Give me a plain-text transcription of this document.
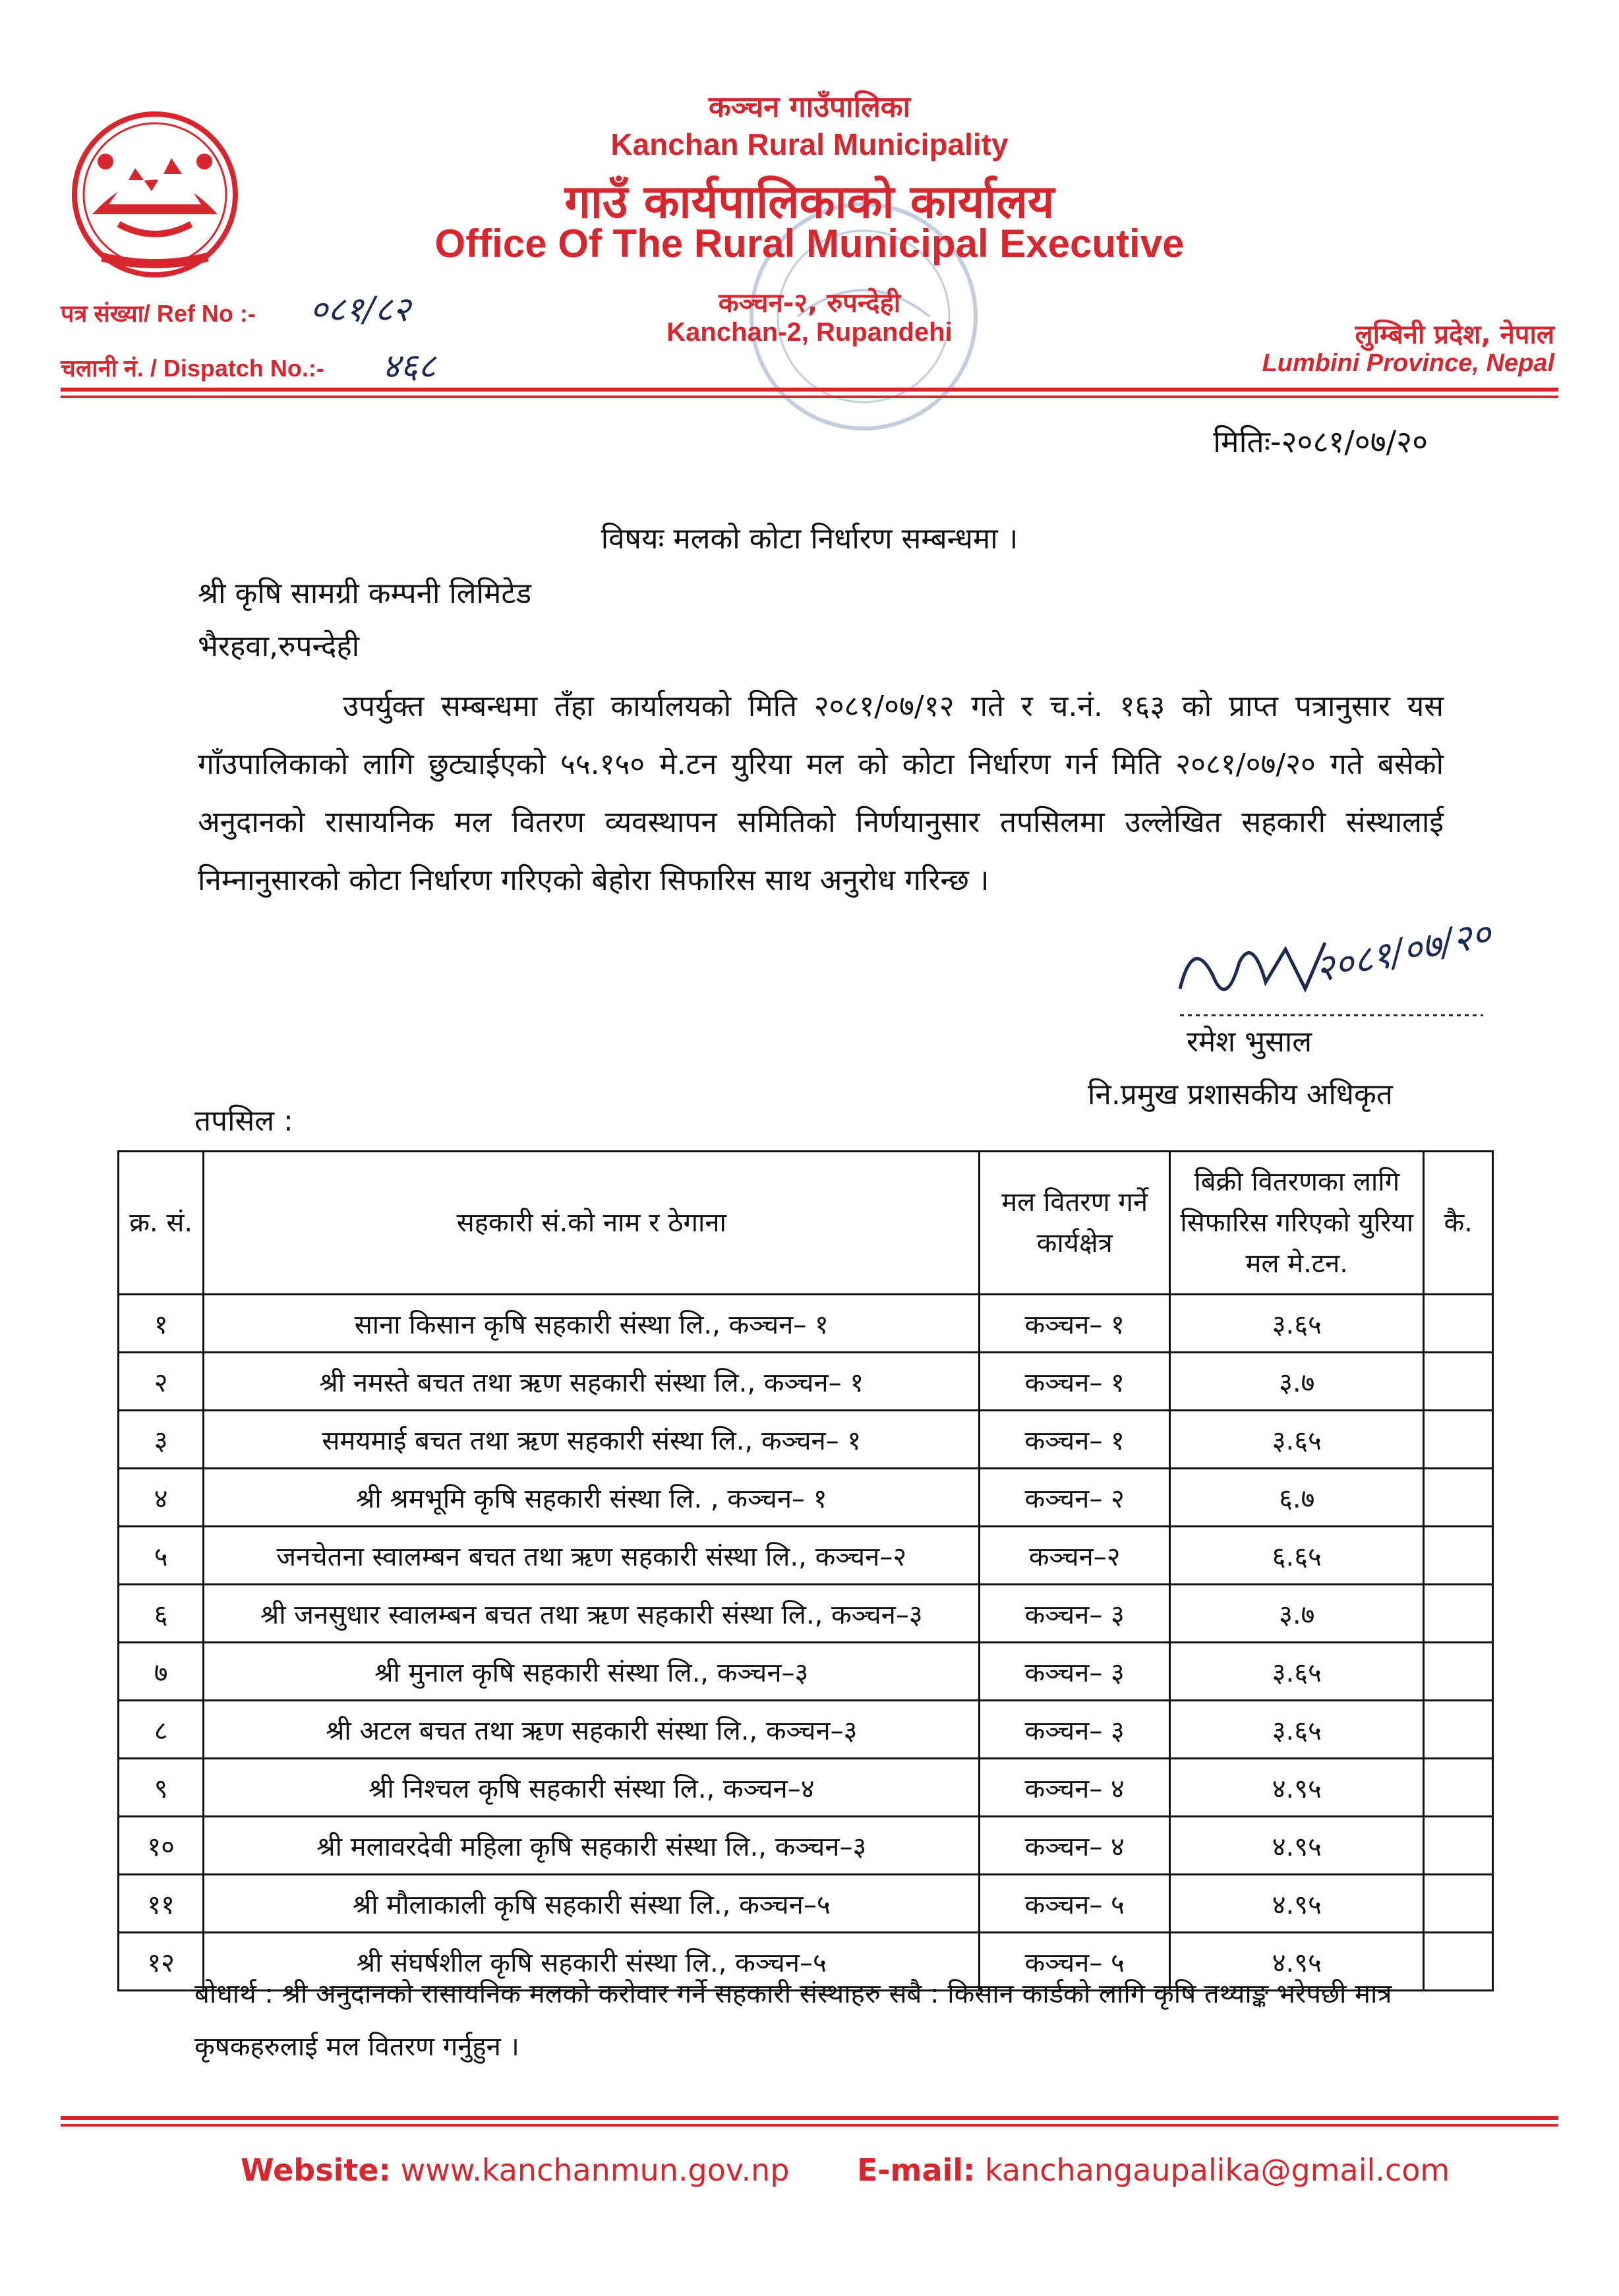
कञ्चन गाउँपालिका
Kanchan Rural Municipality
गाउँ कार्यपालिकाको कार्यालय
Office Of The Rural Municipal Executive
कञ्चन-२, रुपन्देही
Kanchan-2, Rupandehi
पत्र संख्या/ Ref No :- ०८१/८२
चलानी नं. / Dispatch No.:- ४६८
लुम्बिनी प्रदेश, नेपाल
Lumbini Province, Nepal
मितिः-२०८१/०७/२०
विषयः मलको कोटा निर्धारण सम्बन्धमा ।
श्री कृषि सामग्री कम्पनी लिमिटेड
भैरहवा,रुपन्देही
उपर्युक्त सम्बन्धमा तँहा कार्यालयको मिति २०८१/०७/१२ गते र च.नं. १६३ को प्राप्त पत्रानुसार यस गाँउपालिकाको लागि छुट्याईएको ५५.१५० मे.टन युरिया मल को कोटा निर्धारण गर्न मिति २०८१/०७/२० गते बसेको अनुदानको रासायनिक मल वितरण व्यवस्थापन समितिको निर्णयानुसार तपसिलमा उल्लेखित सहकारी संस्थालाई निम्नानुसारको कोटा निर्धारण गरिएको बेहोरा सिफारिस साथ अनुरोध गरिन्छ ।
२०८१/०७/२०
रमेश भुसाल
नि.प्रमुख प्रशासकीय अधिकृत
तपसिल :
क्र. सं.	सहकारी सं.को नाम र ठेगाना	मल वितरण गर्ने कार्यक्षेत्र	बिक्री वितरणका लागि सिफारिस गरिएको युरिया मल मे.टन.	कै.
१	साना किसान कृषि सहकारी संस्था लि., कञ्चन– १	कञ्चन– १	३.६५	
२	श्री नमस्ते बचत तथा ऋण सहकारी संस्था लि., कञ्चन– १	कञ्चन– १	३.७	
३	समयमाई बचत तथा ऋण सहकारी संस्था लि., कञ्चन– १	कञ्चन– १	३.६५	
४	श्री श्रमभूमि कृषि सहकारी संस्था लि. , कञ्चन– १	कञ्चन– २	६.७	
५	जनचेतना स्वालम्बन बचत तथा ऋण सहकारी संस्था लि., कञ्चन–२	कञ्चन–२	६.६५	
६	श्री जनसुधार स्वालम्बन बचत तथा ऋण सहकारी संस्था लि., कञ्चन–३	कञ्चन– ३	३.७	
७	श्री मुनाल कृषि सहकारी संस्था लि., कञ्चन–३	कञ्चन– ३	३.६५	
८	श्री अटल बचत तथा ऋण सहकारी संस्था लि., कञ्चन–३	कञ्चन– ३	३.६५	
९	श्री निश्चल कृषि सहकारी संस्था लि., कञ्चन–४	कञ्चन– ४	४.९५	
१०	श्री मलावरदेवी महिला कृषि सहकारी संस्था लि., कञ्चन–३	कञ्चन– ४	४.९५	
११	श्री मौलाकाली कृषि सहकारी संस्था लि., कञ्चन–५	कञ्चन– ५	४.९५	
१२	श्री संघर्षशील कृषि सहकारी संस्था लि., कञ्चन–५	कञ्चन– ५	४.९५	
बोधार्थ : श्री अनुदानको रासायनिक मलको करोवार गर्ने सहकारी संस्थाहरु सबै : किसान कार्डको लागि कृषि तथ्याङ्क भरेपछी मात्र कृषकहरुलाई मल वितरण गर्नुहुन ।
Website: www.kanchanmun.gov.np E-mail: kanchangaupalika@gmail.com
